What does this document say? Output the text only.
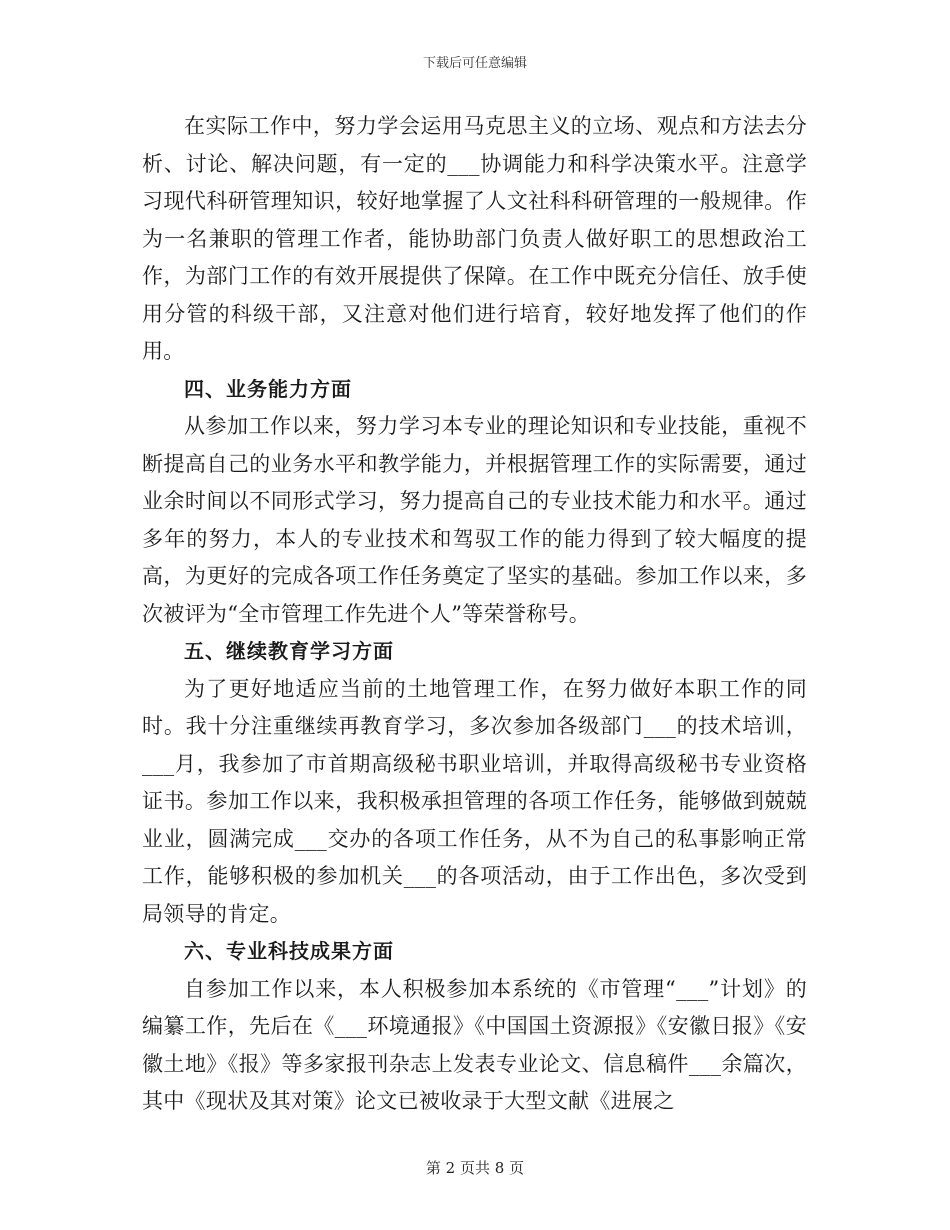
下载后可任意编辑

在实际工作中，努力学会运用马克思主义的立场、观点和方法去分析、讨论、解决问题，有一定的___协调能力和科学决策水平。注意学习现代科研管理知识，较好地掌握了人文社科科研管理的一般规律。作为一名兼职的管理工作者，能协助部门负责人做好职工的思想政治工作，为部门工作的有效开展提供了保障。在工作中既充分信任、放手使用分管的科级干部，又注意对他们进行培育，较好地发挥了他们的作用。

四、业务能力方面

从参加工作以来，努力学习本专业的理论知识和专业技能，重视不断提高自己的业务水平和教学能力，并根据管理工作的实际需要，通过业余时间以不同形式学习，努力提高自己的专业技术能力和水平。通过多年的努力，本人的专业技术和驾驭工作的能力得到了较大幅度的提高，为更好的完成各项工作任务奠定了坚实的基础。参加工作以来，多次被评为“全市管理工作先进个人”等荣誉称号。

五、继续教育学习方面

为了更好地适应当前的土地管理工作，在努力做好本职工作的同时。我十分注重继续再教育学习，多次参加各级部门___的技术培训，___月，我参加了市首期高级秘书职业培训，并取得高级秘书专业资格证书。参加工作以来，我积极承担管理的各项工作任务，能够做到兢兢业业，圆满完成___交办的各项工作任务，从不为自己的私事影响正常工作，能够积极的参加机关___的各项活动，由于工作出色，多次受到局领导的肯定。

六、专业科技成果方面

自参加工作以来，本人积极参加本系统的《市管理“___”计划》的编纂工作，先后在《___环境通报》《中国国土资源报》《安徽日报》《安徽土地》《报》等多家报刊杂志上发表专业论文、信息稿件___余篇次，其中《现状及其对策》论文已被收录于大型文献《进展之

第 2 页共 8 页
